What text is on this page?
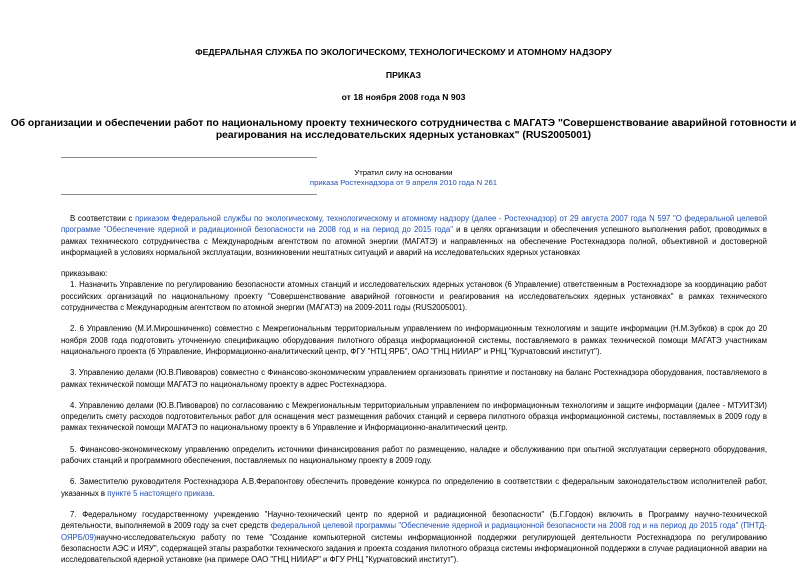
ФЕДЕРАЛЬНАЯ СЛУЖБА ПО ЭКОЛОГИЧЕСКОМУ, ТЕХНОЛОГИЧЕСКОМУ И АТОМНОМУ НАДЗОРУ
ПРИКАЗ
от 18 ноября 2008 года N 903
Об организации и обеспечении работ по национальному проекту технического сотрудничества с МАГАТЭ "Совершенствование аварийной готовности и
реагирования на исследовательских ядерных установках" (RUS2005001)
Утратил силу на основании
приказа Ростехнадзора от 9 апреля 2010 года N 261

В соответствии с приказом Федеральной службы по экологическому, технологическому и атомному надзору (далее - Ростехнадзор) от 29 августа 2007 года N 597 "О федеральной целевой программе "Обеспечение ядерной и радиационной безопасности на 2008 год и на период до 2015 года" и в целях организации и обеспечения успешного выполнения работ, проводимых в рамках технического сотрудничества с Международным агентством по атомной энергии (МАГАТЭ) и направленных на обеспечение Ростехнадзора полной, объективной и достоверной информацией в условиях нормальной эксплуатации, возникновении нештатных ситуаций и аварий на исследовательских ядерных установках

приказываю:

1. Назначить Управление по регулированию безопасности атомных станций и исследовательских ядерных установок (6 Управление) ответственным в Ростехнадзоре за координацию работ российских организаций по национальному проекту "Совершенствование аварийной готовности и реагирования на исследовательских ядерных установках" в рамках технического сотрудничества с Международным агентством по атомной энергии (МАГАТЭ) на 2009-2011 годы (RUS2005001).

2. 6 Управлению (М.И.Мирошниченко) совместно с Межрегиональным территориальным управлением по информационным технологиям и защите информации (Н.М.Зубков) в срок до 20 ноября 2008 года подготовить уточненную спецификацию оборудования пилотного образца информационной системы, поставляемого в рамках технической помощи МАГАТЭ участникам национального проекта (6 Управление, Информационно-аналитический центр, ФГУ "НТЦ ЯРБ", ОАО "ГНЦ НИИАР" и РНЦ "Курчатовский институт").

3. Управлению делами (Ю.В.Пивоваров) совместно с Финансово-экономическим управлением организовать принятие и постановку на баланс Ростехнадзора оборудования, поставляемого в рамках технической помощи МАГАТЭ по национальному проекту в адрес Ростехнадзора.

4. Управлению делами (Ю.В.Пивоваров) по согласованию с Межрегиональным территориальным управлением по информационным технологиям и защите информации (далее - МТУИТЗИ) определить смету расходов подготовительных работ для оснащения мест размещения рабочих станций и сервера пилотного образца информационной системы, поставляемых в 2009 году в рамках технической помощи МАГАТЭ по национальному проекту в 6 Управление и Информационно-аналитический центр.

5. Финансово-экономическому управлению определить источники финансирования работ по размещению, наладке и обслуживанию при опытной эксплуатации серверного оборудования, рабочих станций и программного обеспечения, поставляемых по национальному проекту в 2009 году.

6. Заместителю руководителя Ростехнадзора А.В.Ферапонтову обеспечить проведение конкурса по определению в соответствии с федеральным законодательством исполнителей работ, указанных в пункте 5 настоящего приказа.

7. Федеральному государственному учреждению "Научно-технический центр по ядерной и радиационной безопасности" (Б.Г.Гордон) включить в Программу научно-технической деятельности, выполняемой в 2009 году за счет средств федеральной целевой программы "Обеспечение ядерной и радиационной безопасности на 2008 год и на период до 2015 года" (ПНТД-ОЯРБ/09)научно-исследовательскую работу по теме "Создание компьютерной системы информационной поддержки регулирующей деятельности Ростехнадзора по регулированию безопасности АЭС и ИЯУ", содержащей этапы разработки технического задания и проекта создания пилотного образца системы информационной поддержки в случае радиационной аварии на исследовательской ядерной установке (на примере ОАО "ГНЦ НИИАР" и ФГУ РНЦ "Курчатовский институт").
